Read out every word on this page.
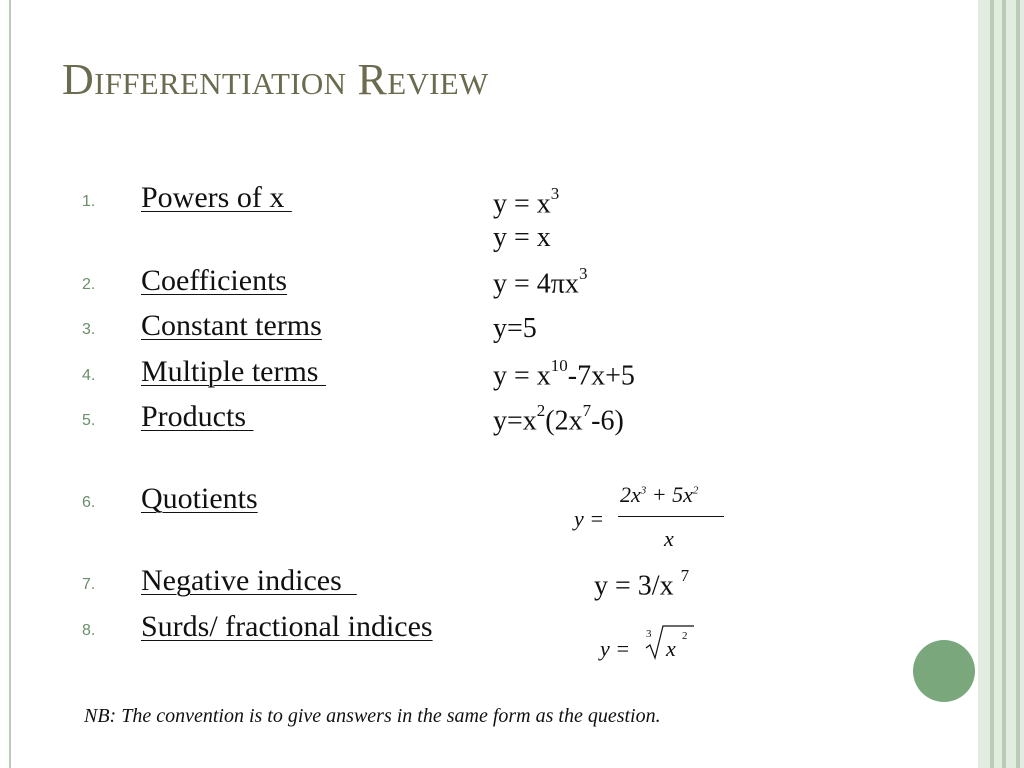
Differentiation Review
1. Powers of x	$y = x^3$
y = x
2. Coefficients	$y = 4\pi x^3$
3. Constant terms	y=5
4. Multiple terms	$y = x^{10}-7x+5$
5. Products	$y=x^2(2x^7-6)$
6. Quotients
y =
$2x^3 + 5x^2$
x
7. Negative indices	y = 3/x $^7$
8. Surds/ fractional indices
y =
3
x 2
NB: The convention is to give answers in the same form as the question.
